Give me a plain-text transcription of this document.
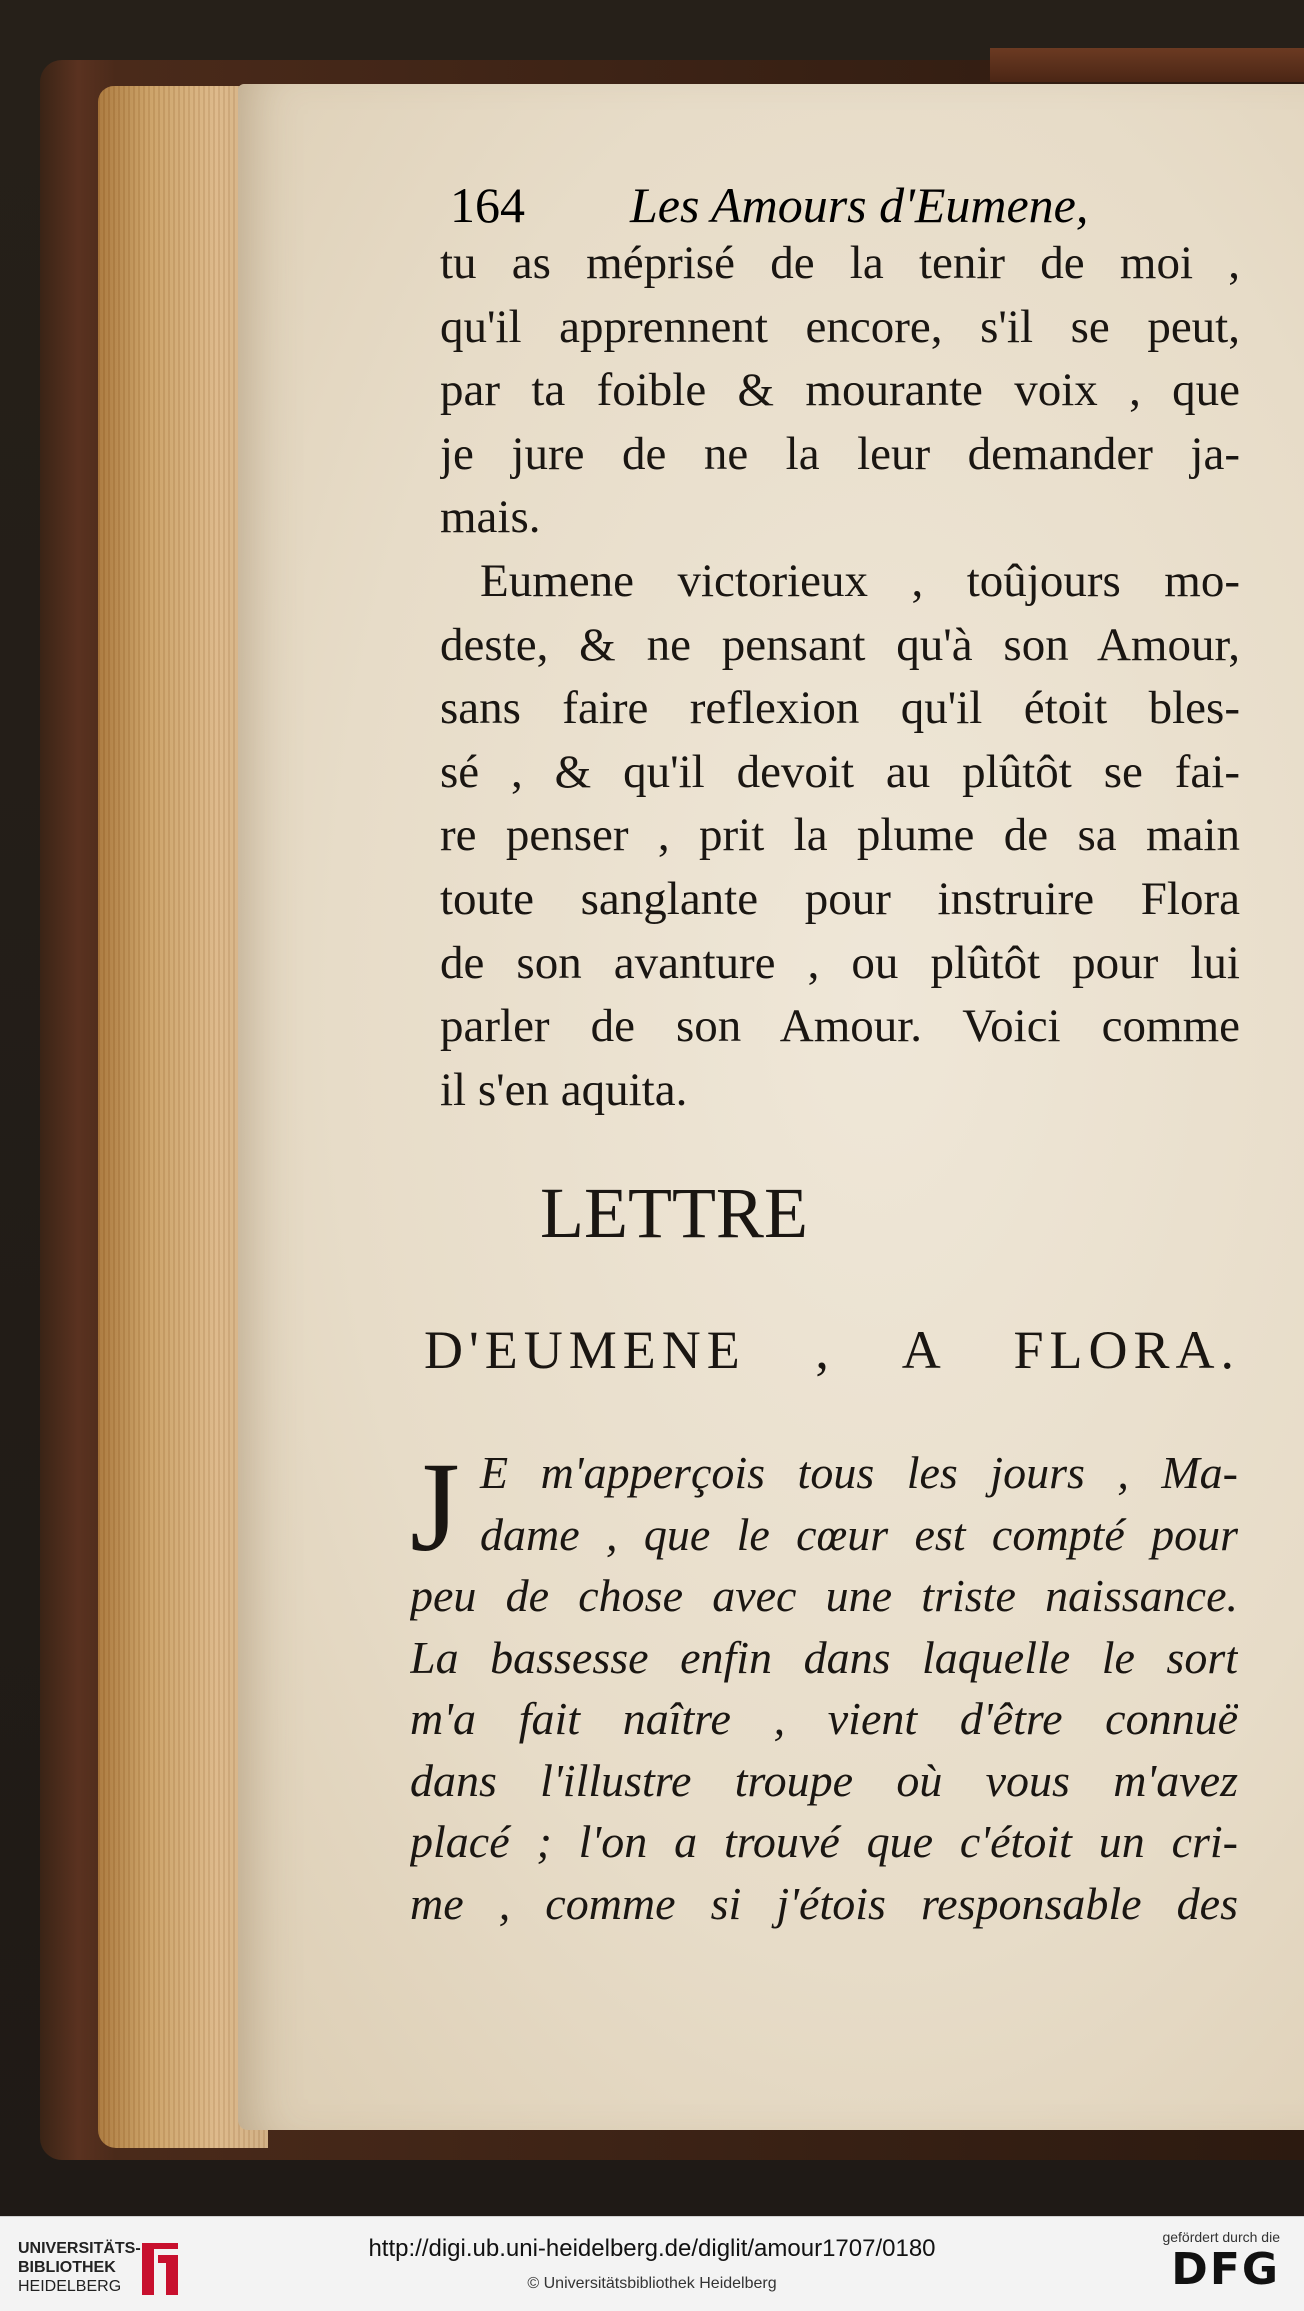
164 Les Amours d'Eumene,
tu as méprisé de la tenir de moi ,
qu'il apprennent encore, s'il se peut,
par ta foible & mourante voix , que
je jure de ne la leur demander ja-
mais.
Eumene victorieux , toûjours mo-
deste, & ne pensant qu'à son Amour,
sans faire reflexion qu'il étoit bles-
sé , & qu'il devoit au plûtôt se fai-
re penser , prit la plume de sa main
toute sanglante pour instruire Flora
de son avanture , ou plûtôt pour lui
parler de son Amour. Voici comme
il s'en aquita.
LETTRE
D'EUMENE , A FLORA.
J E m'apperçois tous les jours , Ma-
dame , que le cœur est compté pour
peu de chose avec une triste naissance.
La bassesse enfin dans laquelle le sort
m'a fait naître , vient d'être connuë
dans l'illustre troupe où vous m'avez
placé ; l'on a trouvé que c'étoit un cri-
me , comme si j'étois responsable des
UNIVERSITÄTS-
BIBLIOTHEK
HEIDELBERG
http://digi.ub.uni-heidelberg.de/diglit/amour1707/0180
© Universitätsbibliothek Heidelberg
gefördert durch die
DFG
